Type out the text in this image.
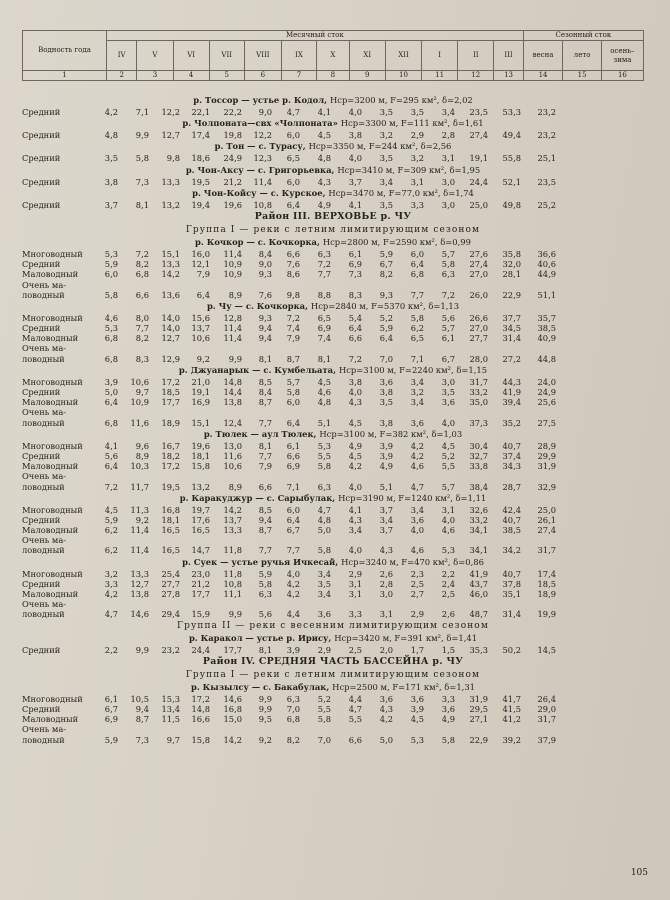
Водность года	Месячный сток												Сезонный сток		
	IV	V	VI	VII	VIII	IX	X	XI	XII	I	II	III	весна	лето	осень–зима
1	2	3	4	5	6	7	8	9	10	11	12	13	14	15	16
р. Тоссор — устье р. Кодол, Hср=3200 м, F=295 км², δ=2,02
Средний	4,2	7,1	12,2	22,1	22,2	9,0	4,7	4,1	4,0	3,5	3,5	3,4	23,5	53,3	23,2
р. Чолпоната—свх «Чолпоната» Hср=3300 м, F=111 км², δ=1,61
Средний	4,8	9,9	12,7	17,4	19,8	12,2	6,0	4,5	3,8	3,2	2,9	2,8	27,4	49,4	23,2
р. Тон — с. Турасу, Hср=3350 м, F=244 км², δ=2,56
Средний	3,5	5,8	9,8	18,6	24,9	12,3	6,5	4,8	4,0	3,5	3,2	3,1	19,1	55,8	25,1
р. Чон-Аксу — с. Григорьевка, Hср=3410 м, F=309 км², δ=1,95
Средний	3,8	7,3	13,3	19,5	21,2	11,4	6,0	4,3	3,7	3,4	3,1	3,0	24,4	52,1	23,5
р. Чон-Койсу — с. Курское, Hср=3470 м, F=77,0 км², δ=1,74
Средний	3,7	8,1	13,2	19,4	19,6	10,8	6,4	4,9	4,1	3,5	3,3	3,0	25,0	49,8	25,2
Район III. ВЕРХОВЬЕ р. ЧУ
Группа I — реки с летним лимитирующим сезоном
р. Кочкор — с. Кочкорка, Hср=2800 м, F=2590 км², δ=0,99
Многоводный	5,3	7,2	15,1	16,0	11,4	8,4	6,6	6,3	6,1	5,9	6,0	5,7	27,6	35,8	36,6
Средний	5,9	8,2	13,3	12,1	10,9	9,0	7,6	7,2	6,9	6,7	6,4	5,8	27,4	32,0	40,6
Маловодный	6,0	6,8	14,2	7,9	10,9	9,3	8,6	7,7	7,3	8,2	6,8	6,3	27,0	28,1	44,9
Очень ма-
ловодный	5,8	6,6	13,6	6,4	8,9	7,6	9,8	8,8	8,3	9,3	7,7	7,2	26,0	22,9	51,1
р. Чу — с. Кочкорка, Hср=2840 м, F=5370 км², δ=1,13
Многоводный	4,6	8,0	14,0	15,6	12,8	9,3	7,2	6,5	5,4	5,2	5,8	5,6	26,6	37,7	35,7
Средний	5,3	7,7	14,0	13,7	11,4	9,4	7,4	6,9	6,4	5,9	6,2	5,7	27,0	34,5	38,5
Маловодный	6,8	8,2	12,7	10,6	11,4	9,4	7,9	7,4	6,6	6,4	6,5	6,1	27,7	31,4	40,9
Очень ма-
ловодный	6,8	8,3	12,9	9,2	9,9	8,1	8,7	8,1	7,2	7,0	7,1	6,7	28,0	27,2	44,8
р. Джуанарык — с. Кумбельата, Hср=3100 м, F=2240 км², δ=1,15
Многоводный	3,9	10,6	17,2	21,0	14,8	8,5	5,7	4,5	3,8	3,6	3,4	3,0	31,7	44,3	24,0
Средний	5,0	9,7	18,5	19,1	14,4	8,4	5,8	4,6	4,0	3,8	3,2	3,5	33,2	41,9	24,9
Маловодный	6,4	10,9	17,7	16,9	13,8	8,7	6,0	4,8	4,3	3,5	3,4	3,6	35,0	39,4	25,6
Очень ма-
ловодный	6,8	11,6	18,9	15,1	12,4	7,7	6,4	5,1	4,5	3,8	3,6	4,0	37,3	35,2	27,5
р. Тюлек — аул Тюлек, Hср=3100 м, F=382 км², δ=1,03
Многоводный	4,1	9,6	16,7	19,6	13,0	8,1	6,1	5,3	4,9	3,9	4,2	4,5	30,4	40,7	28,9
Средний	5,6	8,9	18,2	18,1	11,6	7,7	6,6	5,5	4,5	3,9	4,2	5,2	32,7	37,4	29,9
Маловодный	6,4	10,3	17,2	15,8	10,6	7,9	6,9	5,8	4,2	4,9	4,6	5,5	33,8	34,3	31,9
Очень ма-
ловодный	7,2	11,7	19,5	13,2	8,9	6,6	7,1	6,3	4,0	5,1	4,7	5,7	38,4	28,7	32,9
р. Каракуджур — с. Сарыбулак, Hср=3190 м, F=1240 км², δ=1,11
Многоводный	4,5	11,3	16,8	19,7	14,2	8,5	6,0	4,7	4,1	3,7	3,4	3,1	32,6	42,4	25,0
Средний	5,9	9,2	18,1	17,6	13,7	9,4	6,4	4,8	4,3	3,4	3,6	4,0	33,2	40,7	26,1
Маловодный	6,2	11,4	16,5	16,5	13,3	8,7	6,7	5,0	3,4	3,7	4,0	4,6	34,1	38,5	27,4
Очень ма-
ловодный	6,2	11,4	16,5	14,7	11,8	7,7	7,7	5,8	4,0	4,3	4,6	5,3	34,1	34,2	31,7
р. Суек — устье ручья Ичкесай, Hср=3240 м, F=470 км², δ=0,86
Многоводный	3,2	13,3	25,4	23,0	11,8	5,9	4,0	3,4	2,9	2,6	2,3	2,2	41,9	40,7	17,4
Средний	3,3	12,7	27,7	21,2	10,8	5,8	4,2	3,5	3,1	2,8	2,5	2,4	43,7	37,8	18,5
Маловодный	4,2	13,8	27,8	17,7	11,1	6,3	4,2	3,4	3,1	3,0	2,7	2,5	46,0	35,1	18,9
Очень ма-
ловодный	4,7	14,6	29,4	15,9	9,9	5,6	4,4	3,6	3,3	3,1	2,9	2,6	48,7	31,4	19,9
Группа II — реки с весенним лимитирующим сезоном
р. Каракол — устье р. Ирису, Hср=3420 м, F=391 км², δ=1,41
Средний	2,2	9,9	23,2	24,4	17,7	8,1	3,9	2,9	2,5	2,0	1,7	1,5	35,3	50,2	14,5
Район IV. СРЕДНЯЯ ЧАСТЬ БАССЕЙНА р. ЧУ
Группа I — реки с летним лимитирующим сезоном
р. Кызылсу — с. Бакабулак, Hср=2500 м, F=171 км², δ=1,31
Многоводный	6,1	10,5	15,3	17,2	14,6	9,9	6,3	5,2	4,4	3,6	3,6	3,3	31,9	41,7	26,4
Средний	6,7	9,4	13,4	14,8	16,8	9,9	7,0	5,5	4,7	4,3	3,9	3,6	29,5	41,5	29,0
Маловодный	6,9	8,7	11,5	16,6	15,0	9,5	6,8	5,8	5,5	4,2	4,5	4,9	27,1	41,2	31,7
Очень ма-
ловодный	5,9	7,3	9,7	15,8	14,2	9,2	8,2	7,0	6,6	5,0	5,3	5,8	22,9	39,2	37,9
105
